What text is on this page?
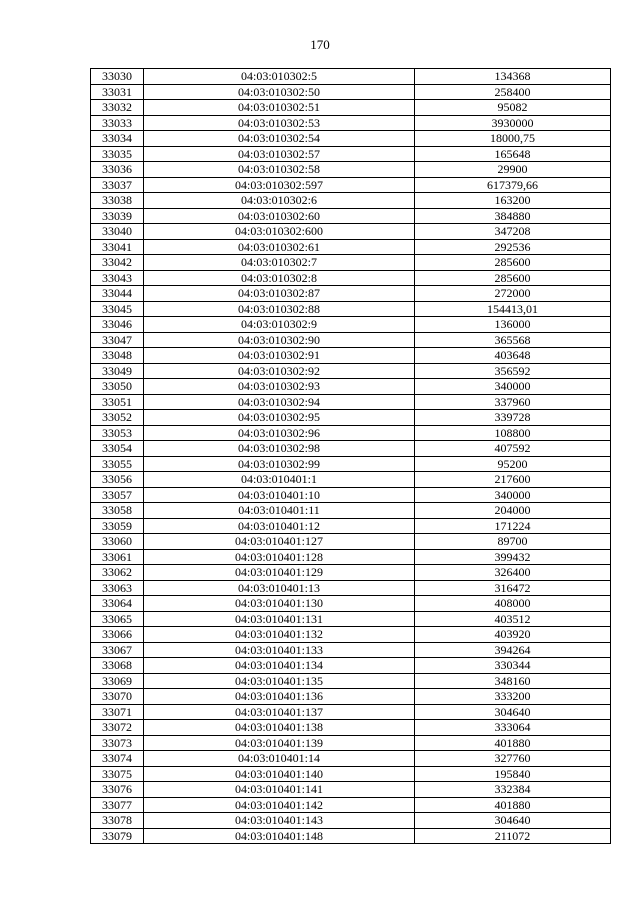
170
33030	04:03:010302:5	134368
33031	04:03:010302:50	258400
33032	04:03:010302:51	95082
33033	04:03:010302:53	3930000
33034	04:03:010302:54	18000,75
33035	04:03:010302:57	165648
33036	04:03:010302:58	29900
33037	04:03:010302:597	617379,66
33038	04:03:010302:6	163200
33039	04:03:010302:60	384880
33040	04:03:010302:600	347208
33041	04:03:010302:61	292536
33042	04:03:010302:7	285600
33043	04:03:010302:8	285600
33044	04:03:010302:87	272000
33045	04:03:010302:88	154413,01
33046	04:03:010302:9	136000
33047	04:03:010302:90	365568
33048	04:03:010302:91	403648
33049	04:03:010302:92	356592
33050	04:03:010302:93	340000
33051	04:03:010302:94	337960
33052	04:03:010302:95	339728
33053	04:03:010302:96	108800
33054	04:03:010302:98	407592
33055	04:03:010302:99	95200
33056	04:03:010401:1	217600
33057	04:03:010401:10	340000
33058	04:03:010401:11	204000
33059	04:03:010401:12	171224
33060	04:03:010401:127	89700
33061	04:03:010401:128	399432
33062	04:03:010401:129	326400
33063	04:03:010401:13	316472
33064	04:03:010401:130	408000
33065	04:03:010401:131	403512
33066	04:03:010401:132	403920
33067	04:03:010401:133	394264
33068	04:03:010401:134	330344
33069	04:03:010401:135	348160
33070	04:03:010401:136	333200
33071	04:03:010401:137	304640
33072	04:03:010401:138	333064
33073	04:03:010401:139	401880
33074	04:03:010401:14	327760
33075	04:03:010401:140	195840
33076	04:03:010401:141	332384
33077	04:03:010401:142	401880
33078	04:03:010401:143	304640
33079	04:03:010401:148	211072
